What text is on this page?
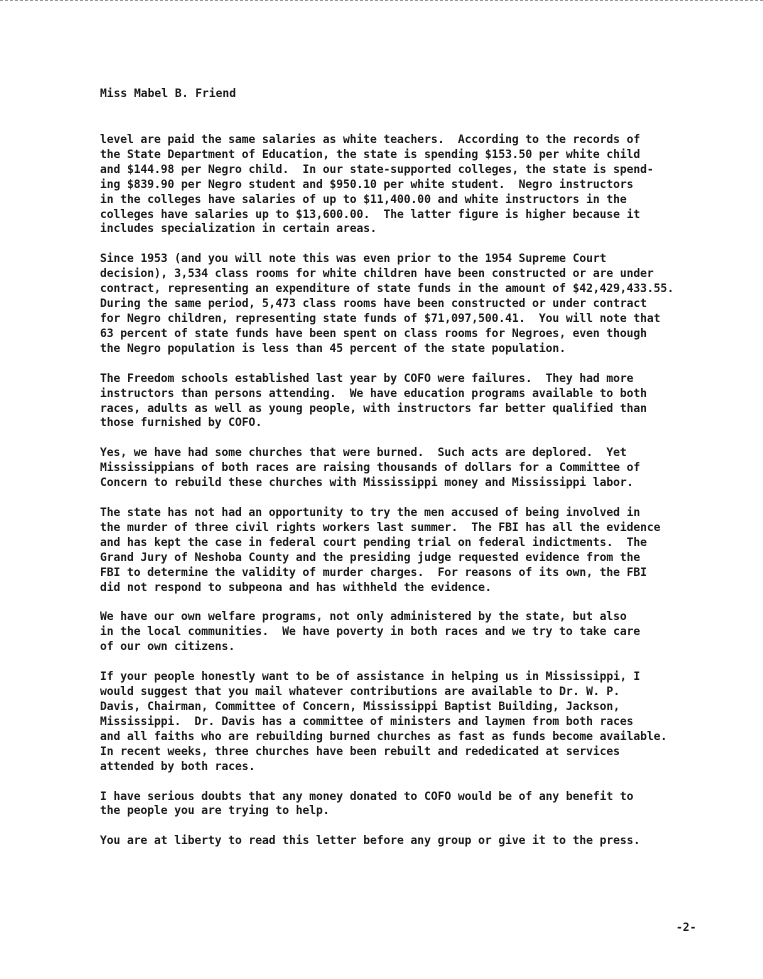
Miss Mabel B. Friend
level are paid the same salaries as white teachers.  According to the records of
the State Department of Education, the state is spending $153.50 per white child
and $144.98 per Negro child.  In our state-supported colleges, the state is spend-
ing $839.90 per Negro student and $950.10 per white student.  Negro instructors
in the colleges have salaries of up to $11,400.00 and white instructors in the
colleges have salaries up to $13,600.00.  The latter figure is higher because it
includes specialization in certain areas.
Since 1953 (and you will note this was even prior to the 1954 Supreme Court
decision), 3,534 class rooms for white children have been constructed or are under
contract, representing an expenditure of state funds in the amount of $42,429,433.55.
During the same period, 5,473 class rooms have been constructed or under contract
for Negro children, representing state funds of $71,097,500.41.  You will note that
63 percent of state funds have been spent on class rooms for Negroes, even though
the Negro population is less than 45 percent of the state population.
The Freedom schools established last year by COFO were failures.  They had more
instructors than persons attending.  We have education programs available to both
races, adults as well as young people, with instructors far better qualified than
those furnished by COFO.
Yes, we have had some churches that were burned.  Such acts are deplored.  Yet
Mississippians of both races are raising thousands of dollars for a Committee of
Concern to rebuild these churches with Mississippi money and Mississippi labor.
The state has not had an opportunity to try the men accused of being involved in
the murder of three civil rights workers last summer.  The FBI has all the evidence
and has kept the case in federal court pending trial on federal indictments.  The
Grand Jury of Neshoba County and the presiding judge requested evidence from the
FBI to determine the validity of murder charges.  For reasons of its own, the FBI
did not respond to subpeona and has withheld the evidence.
We have our own welfare programs, not only administered by the state, but also
in the local communities.  We have poverty in both races and we try to take care
of our own citizens.
If your people honestly want to be of assistance in helping us in Mississippi, I
would suggest that you mail whatever contributions are available to Dr. W. P.
Davis, Chairman, Committee of Concern, Mississippi Baptist Building, Jackson,
Mississippi.  Dr. Davis has a committee of ministers and laymen from both races
and all faiths who are rebuilding burned churches as fast as funds become available.
In recent weeks, three churches have been rebuilt and rededicated at services
attended by both races.
I have serious doubts that any money donated to COFO would be of any benefit to
the people you are trying to help.
You are at liberty to read this letter before any group or give it to the press.
-2-
